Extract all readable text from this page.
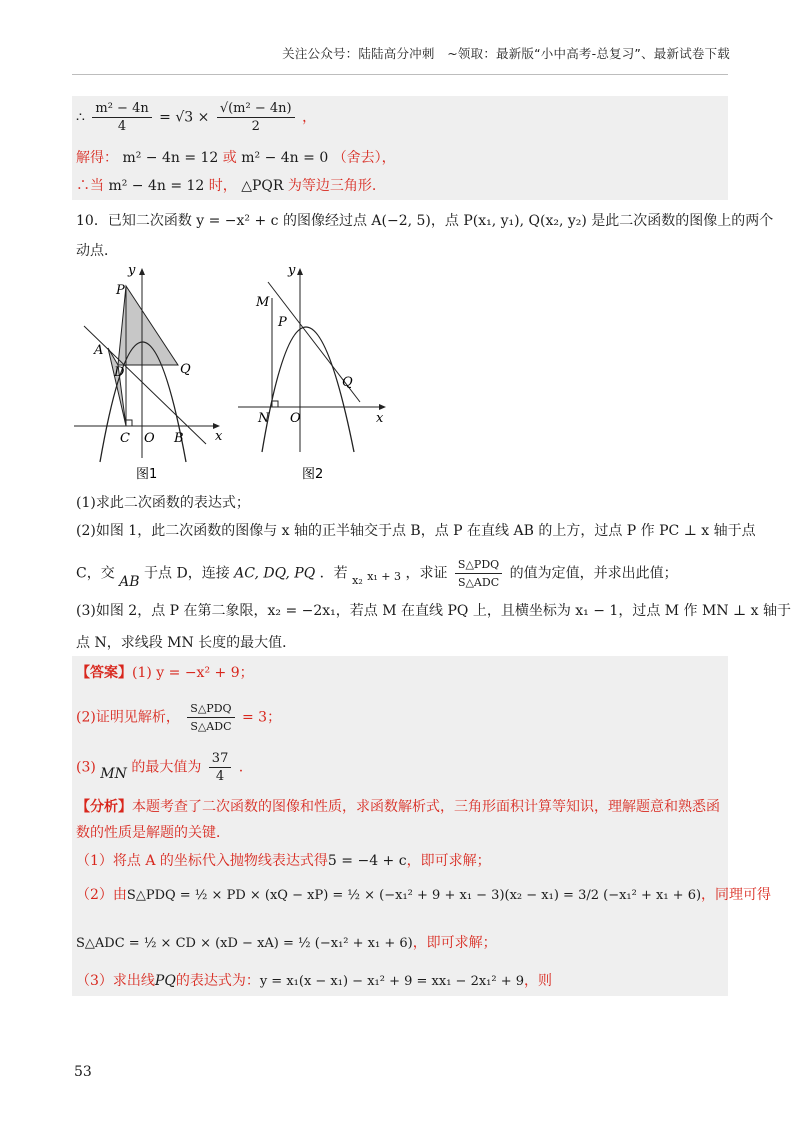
关注公众号：陆陆高分冲刺　~领取：最新版“小中高考-总复习”、最新试卷下载
∴ $\frac{\text{m² − 4n}}{4} = √3 \times \frac{\text{√(m² − 4n)}}{2}$ ，
解得： m² − 4n = 12 或 m² − 4n = 0 （舍去），
∴当 m² − 4n = 12 时， △PQR 为等边三角形.
10．已知二次函数 y = −x² + c 的图像经过点 A(−2, 5)，点 P(x₁, y₁), Q(x₂, y₂) 是此二次函数的图像上的两个
动点．
y
x
P
A
D	Q
C O B
图1
y
x
M
P
Q
N O
图2
(1)求此二次函数的表达式；
(2)如图 1，此二次函数的图像与 x 轴的正半轴交于点 B，点 P 在直线 AB 的上方，过点 P 作 PC ⊥ x 轴于点
C，交 AB 于点 D，连接 AC, DQ, PQ ．若 $_{x_2}$ x₁ + 3 ，求证 $\frac{\text{S△PDQ}}{\text{S△ADC}}$ 的值为定值，并求出此值；
(3)如图 2，点 P 在第二象限，x₂ = −2x₁，若点 M 在直线 PQ 上，且横坐标为 x₁ − 1，过点 M 作 MN ⊥ x 轴于
点 N，求线段 MN 长度的最大值．
【答案】(1) y = −x² + 9；
(2)证明见解析， $\frac{\text{S△PDQ}}{\text{S△ADC}} = 3$；
(3) MN 的最大值为 $\frac{37}{4}$ .
【分析】本题考查了二次函数的图像和性质，求函数解析式，三角形面积计算等知识，理解题意和熟悉函
数的性质是解题的关键．
（1）将点 A 的坐标代入抛物线表达式得5 = −4 + c，即可求解；
（2）由S△PDQ = ½ × PD × (xQ − xP) = ½ × (−x₁² + 9 + x₁ − 3)(x₂ − x₁) = 3/2 (−x₁² + x₁ + 6)，同理可得
S△ADC = ½ × CD × (xD − xA) = ½ (−x₁² + x₁ + 6)，即可求解；
（3）求出线PQ的表达式为：y = x₁(x − x₁) − x₁² + 9 = xx₁ − 2x₁² + 9，则
53
